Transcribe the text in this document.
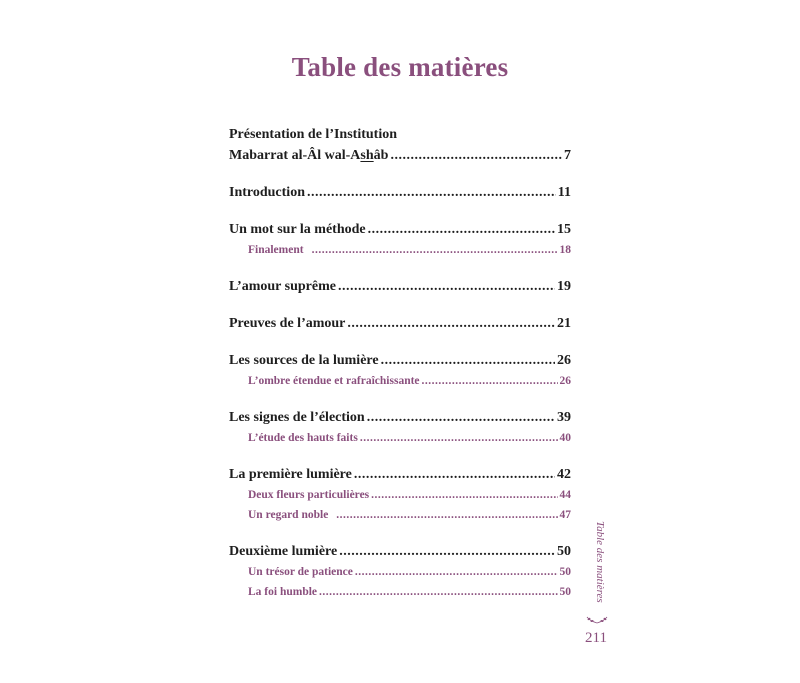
Table des matières
Présentation de l’Institution
Mabarrat al-Âl wal-Ashâb .....	7
Introduction .....	11
Un mot sur la méthode .....	15
Finalement .....	18
L’amour suprême .....	19
Preuves de l’amour .....	21
Les sources de la lumière .....	26
L’ombre étendue et rafraîchissante .....	26
Les signes de l’élection .....	39
L’étude des hauts faits .....	40
La première lumière .....	42
Deux fleurs particulières .....	44
Un regard noble .....	47
Deuxième lumière .....	50
Un trésor de patience .....	50
La foi humble .....	50	Table des matières
211
